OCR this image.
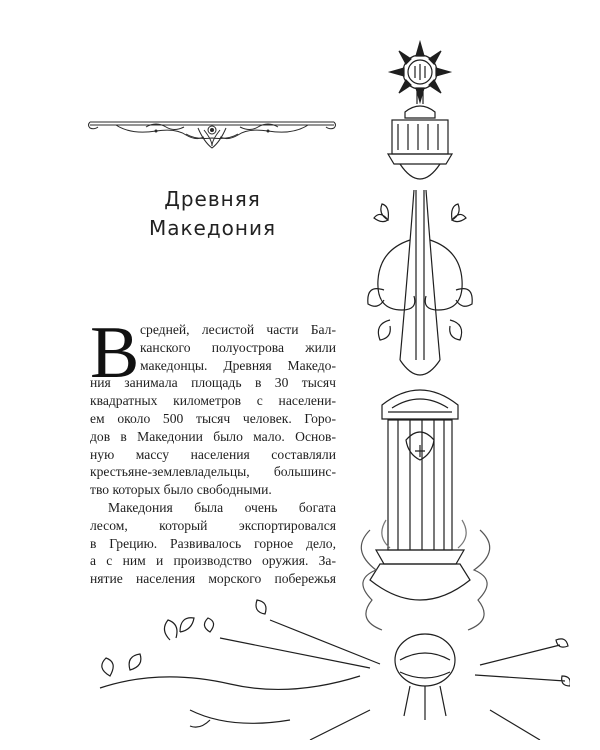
Древняя
Македония

В средней, лесистой части Бал-
канского полуострова жили
македонцы. Древняя Македо-
ния занимала площадь в 30 тысяч
квадратных километров с населени-
ем около 500 тысяч человек. Горо-
дов в Македонии было мало. Основ-
ную массу населения составляли
крестьяне-землевладельцы, большинс-
тво которых было свободными.

Македония была очень богата
лесом, который экспортировался
в Грецию. Развивалось горное дело,
а с ним и производство оружия. За-
нятие населения морского побережья
